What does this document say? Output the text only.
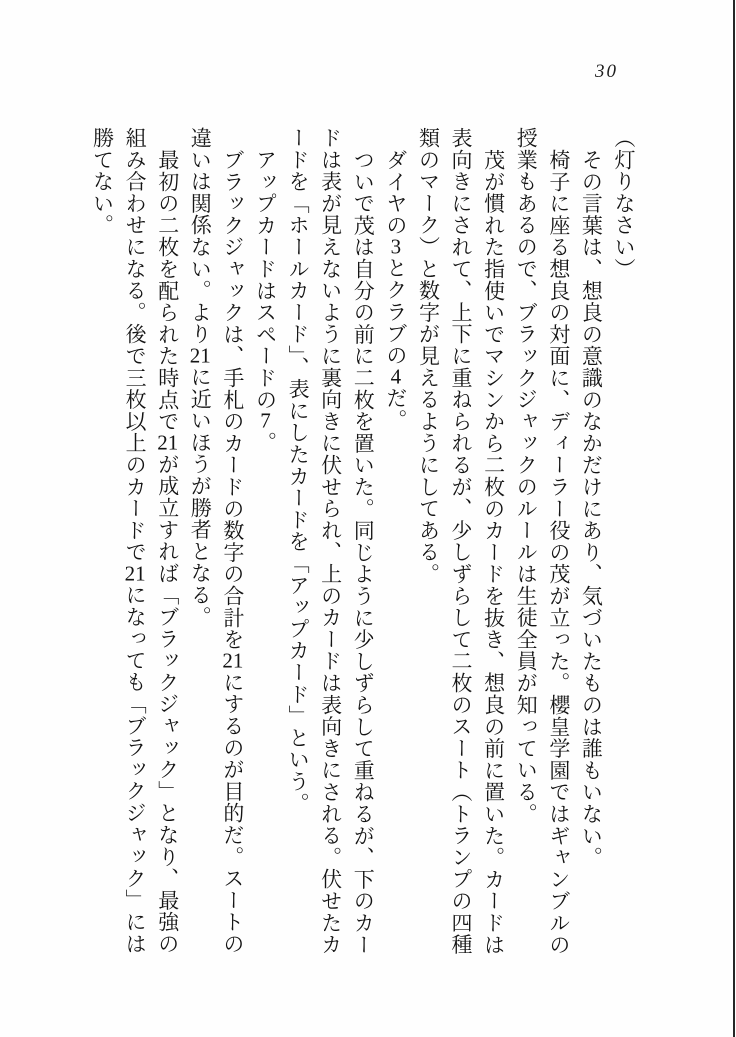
30

（灯りなさい）

その言葉は、想良の意識のなかだけにあり、気づいたものは誰もいない。

椅子に座る想良の対面に、ディーラー役の茂が立った。櫻皇学園ではギャンブルの
授業もあるので、ブラックジャックのルールは生徒全員が知っている。

茂が慣れた指使いでマシンから二枚のカードを抜き、想良の前に置いた。カードは
表向きにされて、上下に重ねられるが、少しずらして二枚のスート（トランプの四種
類のマーク）と数字が見えるようにしてある。

ダイヤの3とクラブの4だ。

ついで茂は自分の前に二枚を置いた。同じように少しずらして重ねるが、下のカー
ドは表が見えないように裏向きに伏せられ、上のカードは表向きにされる。伏せたカ
ードを「ホールカード」、表にしたカードを「アップカード」という。

アップカードはスペードの7。

ブラックジャックは、手札のカードの数字の合計を21にするのが目的だ。スートの
違いは関係ない。より21に近いほうが勝者となる。

最初の二枚を配られた時点で21が成立すれば「ブラックジャック」となり、最強の
組み合わせになる。後で三枚以上のカードで21になっても「ブラックジャック」には
勝てない。
